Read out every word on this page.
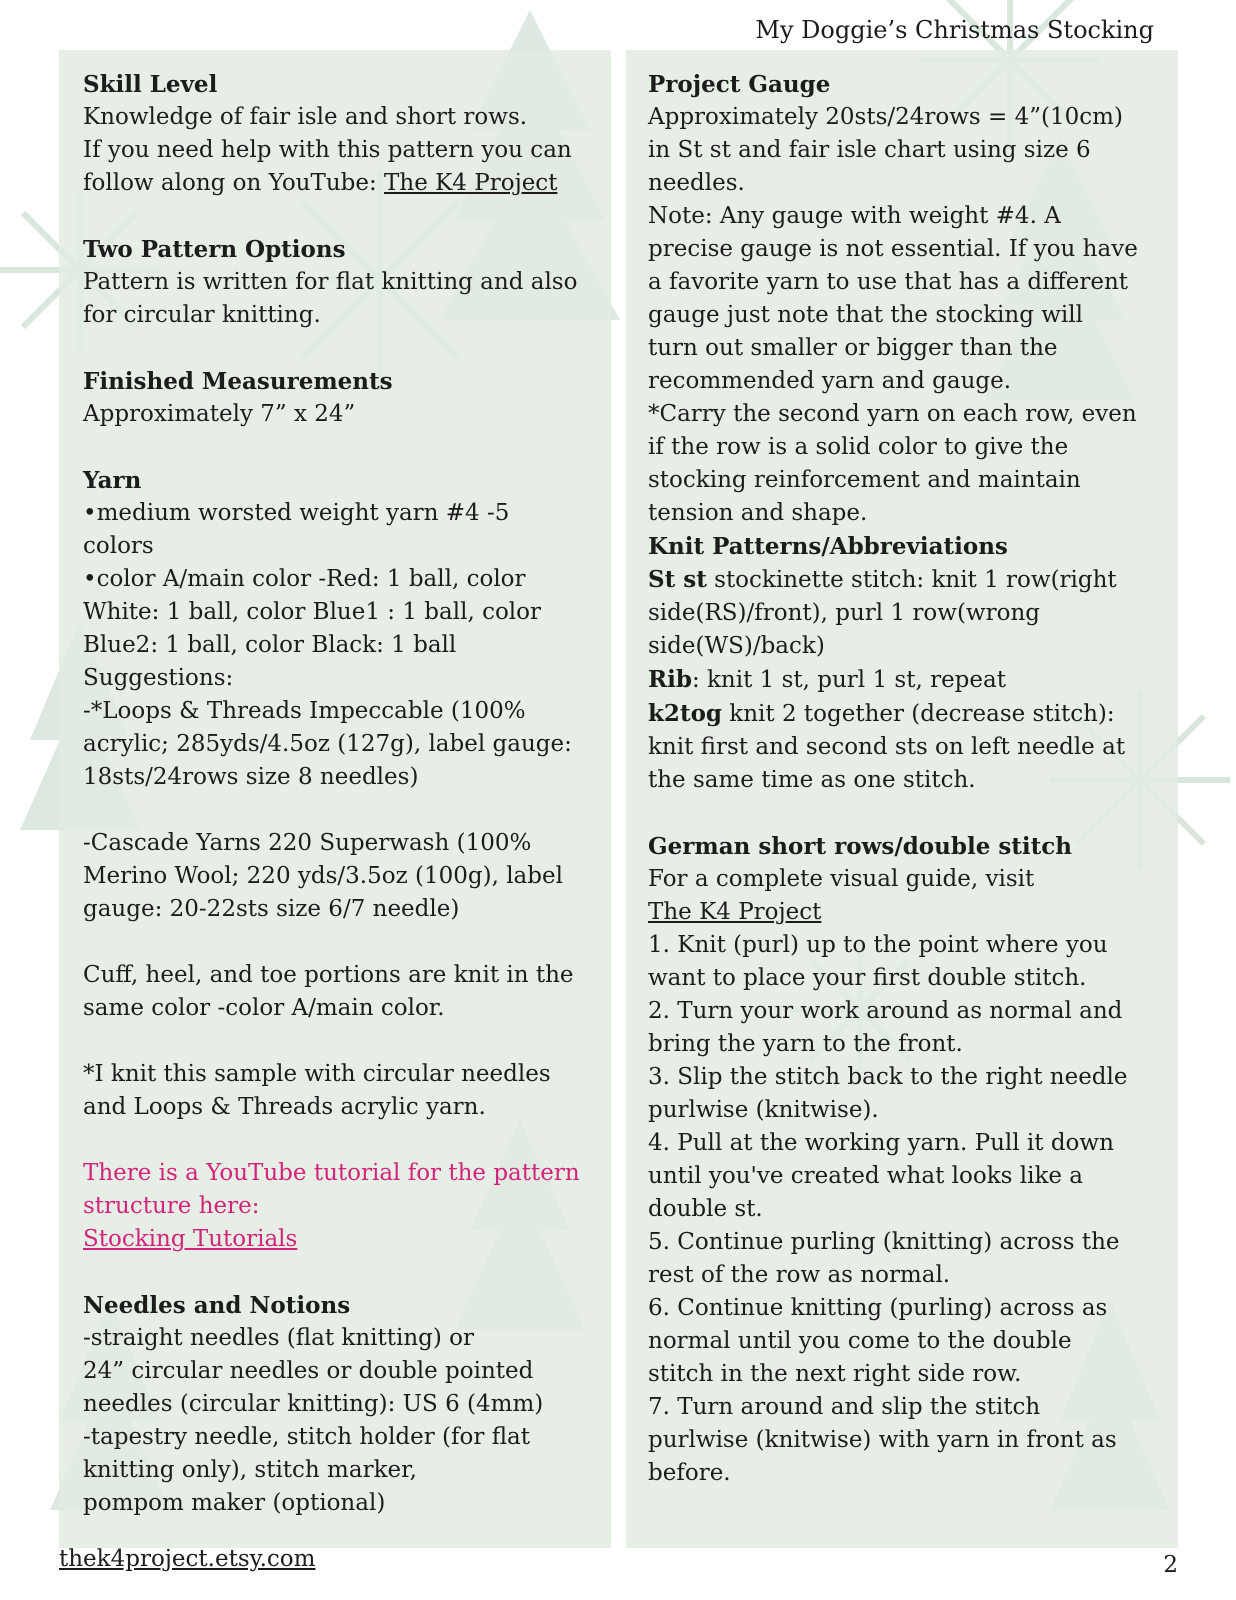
My Doggie’s Christmas Stocking

Skill Level

Knowledge of fair isle and short rows.

If you need help with this pattern you can

follow along on YouTube: The K4 Project

Two Pattern Options

Pattern is written for flat knitting and also

for circular knitting.

Finished Measurements

Approximately 7” x 24”

Yarn

•medium worsted weight yarn #4 -5 colors

•color A/main color -Red: 1 ball, color

White: 1 ball, color Blue1 : 1 ball, color

Blue2: 1 ball, color Black: 1 ball

Suggestions:

-*Loops & Threads Impeccable (100%

acrylic; 285yds/4.5oz (127g), label gauge:

18sts/24rows size 8 needles)

-Cascade Yarns 220 Superwash (100%

Merino Wool; 220 yds/3.5oz (100g), label

gauge: 20-22sts size 6/7 needle)

Cuff, heel, and toe portions are knit in the

same color -color A/main color.

*I knit this sample with circular needles

and Loops & Threads acrylic yarn.

There is a YouTube tutorial for the pattern

structure here:

Stocking Tutorials

Needles and Notions

-straight needles (flat knitting) or

24” circular needles or double pointed

needles (circular knitting): US 6 (4mm)

-tapestry needle, stitch holder (for flat

knitting only), stitch marker,

pompom maker (optional)

Project Gauge

Approximately 20sts/24rows = 4”(10cm)

in St st and fair isle chart using size 6

needles.

Note: Any gauge with weight #4. A

precise gauge is not essential. If you have

a favorite yarn to use that has a different

gauge just note that the stocking will

turn out smaller or bigger than the

recommended yarn and gauge.

*Carry the second yarn on each row, even

if the row is a solid color to give the

stocking reinforcement and maintain

tension and shape.

Knit Patterns/Abbreviations

St st stockinette stitch: knit 1 row(right

side(RS)/front), purl 1 row(wrong

side(WS)/back)

Rib: knit 1 st, purl 1 st, repeat

k2tog knit 2 together (decrease stitch):

knit first and second sts on left needle at

the same time as one stitch.

German short rows/double stitch

For a complete visual guide, visit

The K4 Project

1. Knit (purl) up to the point where you

want to place your first double stitch.

2. Turn your work around as normal and

bring the yarn to the front.

3. Slip the stitch back to the right needle

purlwise (knitwise).

4. Pull at the working yarn. Pull it down

until you've created what looks like a

double st.

5. Continue purling (knitting) across the

rest of the row as normal.

6. Continue knitting (purling) across as

normal until you come to the double

stitch in the next right side row.

7. Turn around and slip the stitch

purlwise (knitwise) with yarn in front as

before.

thek4project.etsy.com	2
